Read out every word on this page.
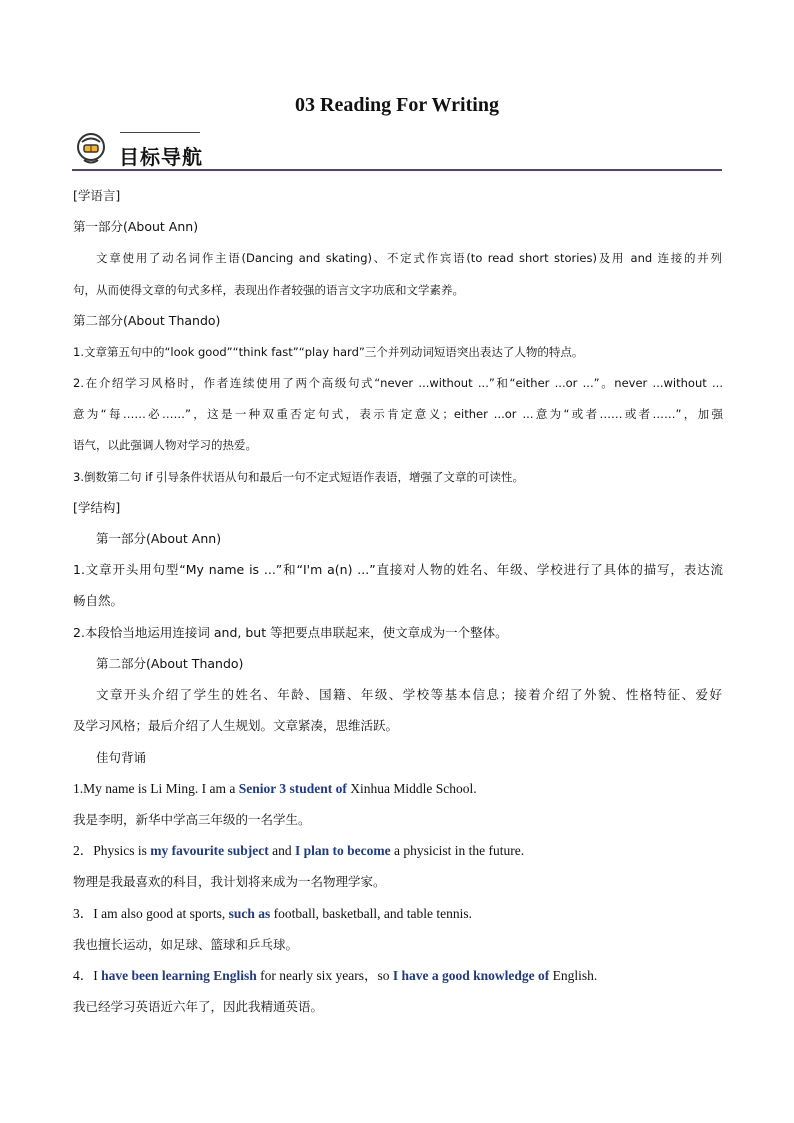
03 Reading For Writing
目标导航
[学语言]
第一部分(About Ann)
文章使用了动名词作主语(Dancing and skating)、不定式作宾语(to read short stories)及用 and 连接的并列
句，从而使得文章的句式多样，表现出作者较强的语言文字功底和文学素养。
第二部分(About Thando)
1.文章第五句中的“look good”“think fast”“play hard”三个并列动词短语突出表达了人物的特点。
2.在介绍学习风格时，作者连续使用了两个高级句式“never ...without ...”和“either ...or ...”。never ...without ...
意为“每……必……”，这是一种双重否定句式，表示肯定意义；either ...or ...意为“或者……或者……”，加强
语气，以此强调人物对学习的热爱。
3.倒数第二句 if 引导条件状语从句和最后一句不定式短语作表语，增强了文章的可读性。
[学结构]
第一部分(About Ann)
1.文章开头用句型“My name is ...”和“I'm a(n) ...”直接对人物的姓名、年级、学校进行了具体的描写，表达流
畅自然。
2.本段恰当地运用连接词 and, but 等把要点串联起来，使文章成为一个整体。
第二部分(About Thando)
文章开头介绍了学生的姓名、年龄、国籍、年级、学校等基本信息；接着介绍了外貌、性格特征、爱好
及学习风格；最后介绍了人生规划。文章紧凑，思维活跃。
佳句背诵
1.My name is Li Ming. I am a Senior 3 student of Xinhua Middle School.
我是李明，新华中学高三年级的一名学生。
2．Physics is my favourite subject and I plan to become a physicist in the future.
物理是我最喜欢的科目，我计划将来成为一名物理学家。
3．I am also good at sports, such as football, basketball, and table tennis.
我也擅长运动，如足球、篮球和乒乓球。
4．I have been learning English for nearly six years，so I have a good knowledge of English.
我已经学习英语近六年了，因此我精通英语。
